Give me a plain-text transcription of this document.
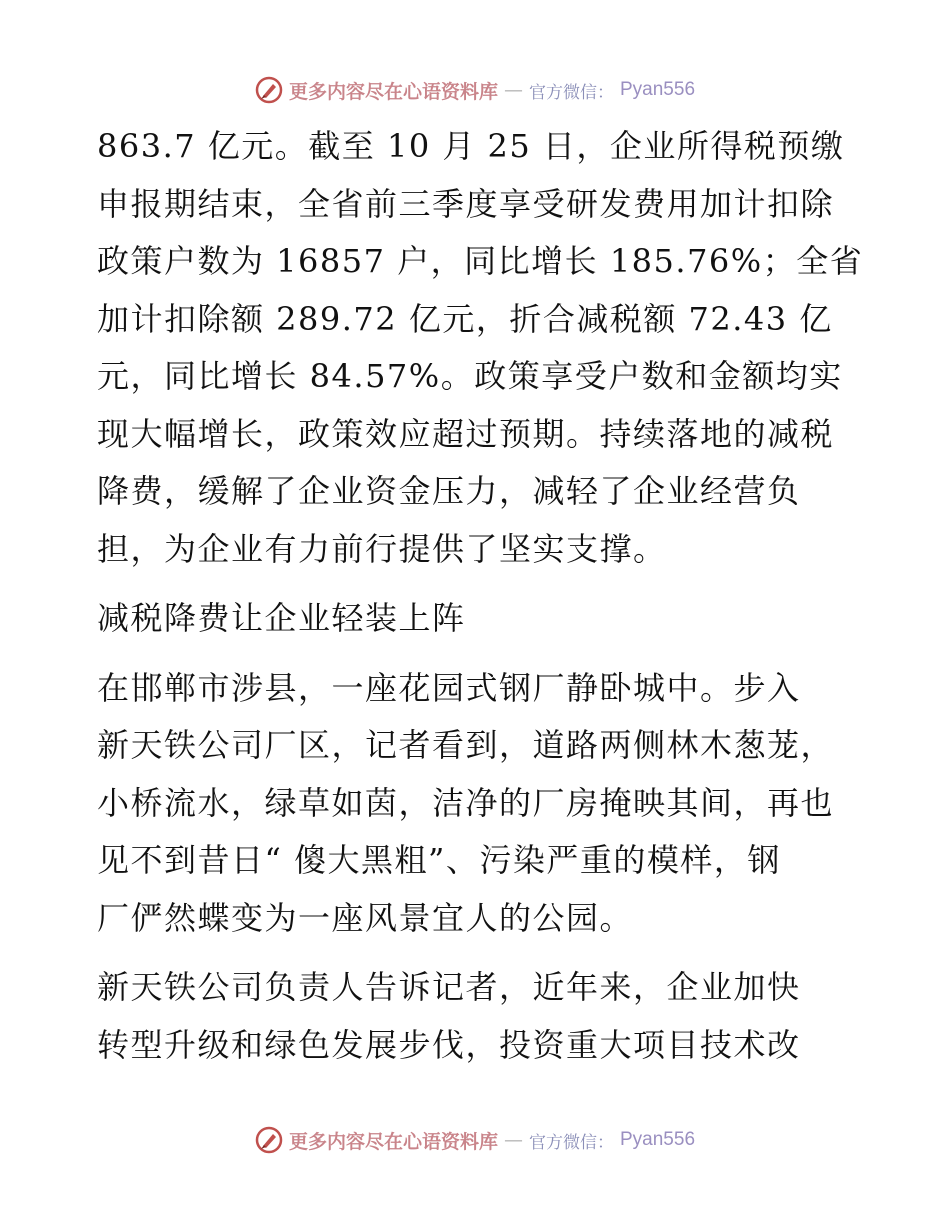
更多内容尽在心语资料库 — 官方微信： Pyan556
863.7 亿元。截至 10 月 25 日，企业所得税预缴
申报期结束，全省前三季度享受研发费用加计扣除
政策户数为 16857 户，同比增长 185.76%；全省
加计扣除额 289.72 亿元，折合减税额 72.43 亿
元，同比增长 84.57%。政策享受户数和金额均实
现大幅增长，政策效应超过预期。持续落地的减税
降费，缓解了企业资金压力，减轻了企业经营负
担，为企业有力前行提供了坚实支撑。
减税降费让企业轻装上阵
在邯郸市涉县，一座花园式钢厂静卧城中。步入
新天铁公司厂区，记者看到，道路两侧林木葱茏，
小桥流水，绿草如茵，洁净的厂房掩映其间，再也
见不到昔日“ 傻大黑粗”、污染严重的模样，钢
厂俨然蝶变为一座风景宜人的公园。
新天铁公司负责人告诉记者，近年来，企业加快
转型升级和绿色发展步伐，投资重大项目技术改
更多内容尽在心语资料库 — 官方微信： Pyan556
